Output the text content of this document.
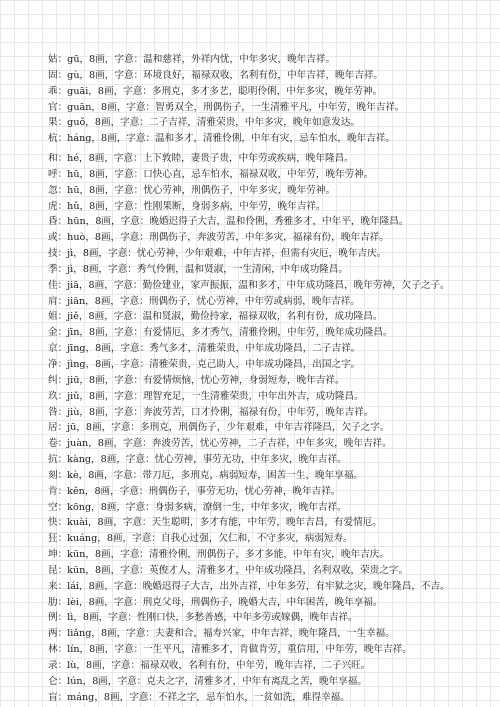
姑：gū，8画，字意：温和慈祥，外祥内忧，中年多灾，晚年吉祥。
固：gù，8画，字意：环境良好，福禄双收，名利有份，中年吉祥，晚年吉祥。
乖：guāi，8画，字意：多刑克，多才多艺，聪明伶俐，中年多灾，晚年劳神。
官：guān，8画，字意：智勇双全，刑偶伤子，一生清雅平凡，中年劳，晚年吉祥。
果：guǒ，8画，字意：二子吉祥，清雅荣贵，中年多灾，晚年如意发达。
杭：háng，8画，字意：温和多才，清雅伶俐，中年有灾，忌车怕水，晚年吉祥。
和：hé，8画，字意：上下敦睦，妻贵子贵，中年劳或疾病，晚年隆昌。
呼：hū，8画，字意：口快心直，忌车怕水，福禄双收，中年劳，晚年劳神。
忽：hū，8画，字意：忧心劳神，刑偶伤子，中年多灾，晚年劳神。
虎：hǔ，8画，字意：性刚果断，身弱多病，中年劳，晚年吉祥。
昏：hūn，8画，字意：晚婚迟得子大吉，温和伶俐，秀雅多才，中年平，晚年隆昌。
或：huò，8画，字意：刑偶伤子，奔波劳苦，中年多灾，福禄有份，晚年吉祥。
技：jì，8画，字意：忧心劳神，少年艰难，中年吉祥，但需有灾厄，晚年吉庆。
季：jì，8画，字意：秀气伶俐，温和贤淑，一生清闲，中年成功隆昌。
佳：jiā，8画，字意：勤俭建业，家声振振，温和多才，中年成功隆昌，晚年劳神，欠子之子。
肩：jiān，8画，字意：刑偶伤子，忧心劳神，中年劳或病弱，晚年吉祥。
姐：jiě，8画，字意：温和贤淑，勤俭持家，福禄双收，名利有份，成功隆昌。
金：jīn，8画，字意：有爱情厄，多才秀气，清雅伶俐，中年劳，晚年成功隆昌。
京：jīng，8画，字意：秀气多才，清雅荣贵，中年成功隆昌，二子吉祥。
净：jìng，8画，字意：清雅荣贵，克己助人，中年成功隆昌，出国之字。
纠：jiū，8画，字意：有爱情烦恼，忧心劳神，身弱短寿，晚年吉祥。
玖：jiǔ，8画，字意：理智充足，一生清雅荣贵，中年出外吉，成功隆昌。
咎：jiù，8画，字意：奔波劳苦，口才伶俐，福禄有份，中年劳，晚年吉祥。
居：jū，8画，字意：多刑克，刑偶伤子，少年艰难，中年吉祥隆昌，欠子之字。
卷：juàn，8画，字意：奔波劳苦，忧心劳神，二子吉祥，中年多灾，晚年吉祥。
抗：kàng，8画，字意：忧心劳神，事劳无功，中年多灾，晚年吉祥。
刻：kè，8画，字意：带刀厄，多刑克，病弱短寿，困苦一生，晚年享福。
肯：kěn，8画，字意：刑偶伤子，事劳无功，忧心劳神，晚年吉祥。
空：kōng，8画，字意：身弱多病，潦倒一生，中年多灾，晚年吉祥。
快：kuài，8画，字意：天生聪明，多才有能，中年劳，晚年吉昌，有爱情厄。
狂：kuáng，8画，字意：自我心过强，欠仁和，不守多灾，病弱短寿。
坤：kūn，8画，字意：清雅伶俐，刑偶伤子，多才多能，中年有灾，晚年吉庆。
昆：kūn，8画，字意：英俊才人，清雅多才，中年成功隆昌，名利双收，荣贵之字。
来：lái，8画，字意：晚婚迟得子大吉，出外吉祥，中年多劳，有牢狱之灾，晚年隆昌，不吉。
肋：lèi，8画，字意：刑克父母，刑偶伤子，晚婚大吉，中年困苦，晚年享福。
例：lì，8画，字意：性刚口快，多愁善感，中年多劳或嫁偶，晚年吉祥。
两：liǎng，8画，字意：夫妻和合，福寿兴家，中年吉祥，晚年隆昌，一生幸福。
林：lín，8画，字意：一生平凡，清雅多才，肯做肯劳，重信用，中年劳，晚年吉祥。
录：lù，8画，字意：福禄双收，名利有份，中年劳，晚年吉祥，二子兴旺。
仑：lún，8画，字意：克夫之字，清雅多才，中年有离乱之苦，晚年享福。
盲：máng，8画，字意：不祥之字，忌车怕水，一贫如洗，难得幸福。
